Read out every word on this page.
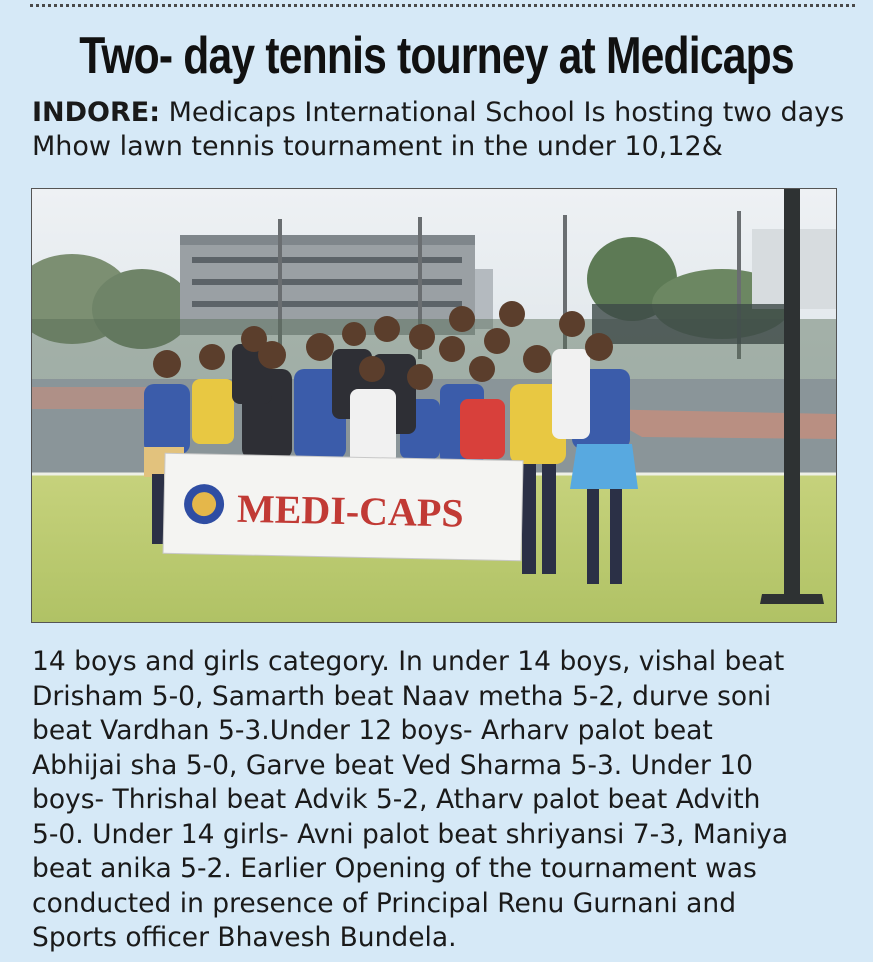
Two- day tennis tourney at Medicaps

INDORE: Medicaps International School Is hosting two days Mhow lawn tennis tournament in the under 10,12&

MEDI-CAPS

14 boys and girls category. In under 14 boys, vishal beat
Drisham 5-0, Samarth beat Naav metha 5-2, durve soni
beat Vardhan 5-3.Under 12 boys- Arharv palot beat
Abhijai sha 5-0, Garve beat Ved Sharma 5-3. Under 10
boys- Thrishal beat Advik 5-2, Atharv palot beat Advith
5-0. Under 14 girls- Avni palot beat shriyansi 7-3, Maniya
beat anika 5-2. Earlier Opening of the tournament was
conducted in presence of Principal Renu Gurnani and
Sports officer Bhavesh Bundela.
